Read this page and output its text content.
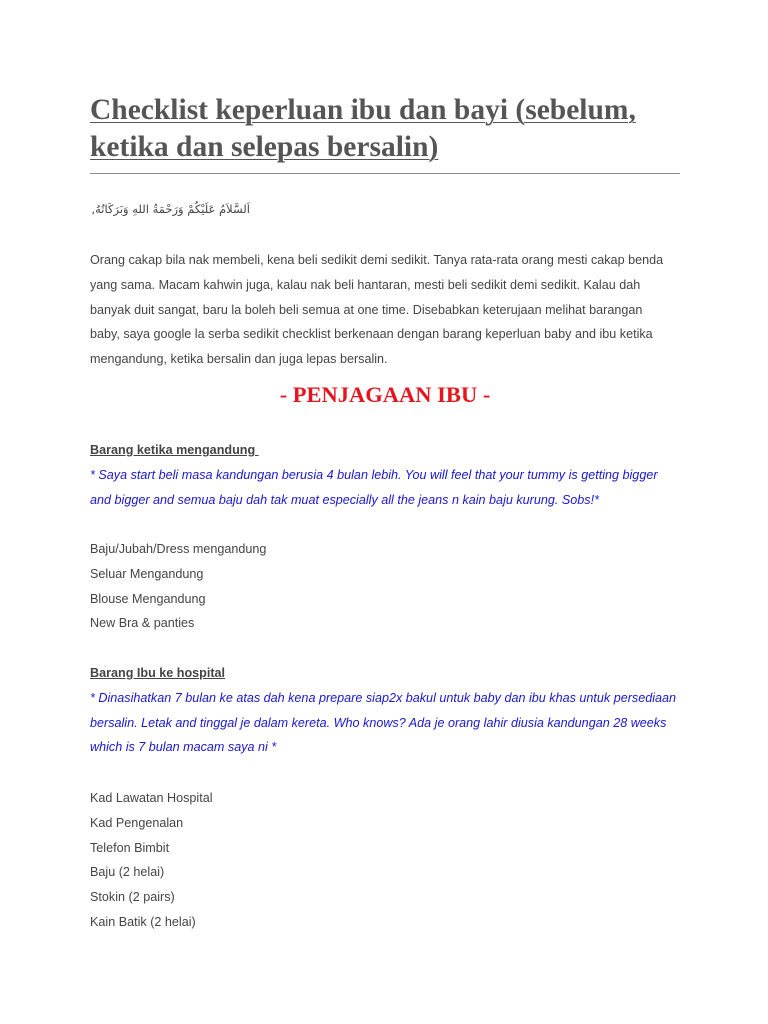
Checklist keperluan ibu dan bayi (sebelum, ketika dan selepas bersalin)
اَلسَّلاَمُ عَلَيْكُمْ وَرَحْمَةُ اللهِ وَبَرَكَاتُهُ,

Orang cakap bila nak membeli, kena beli sedikit demi sedikit. Tanya rata-rata orang mesti cakap benda yang sama. Macam kahwin juga, kalau nak beli hantaran, mesti beli sedikit demi sedikit. Kalau dah banyak duit sangat, baru la boleh beli semua at one time. Disebabkan keterujaan melihat barangan baby, saya google la serba sedikit checklist berkenaan dengan barang keperluan baby and ibu ketika mengandung, ketika bersalin dan juga lepas bersalin.

- PENJAGAAN IBU -

Barang ketika mengandung

* Saya start beli masa kandungan berusia 4 bulan lebih. You will feel that your tummy is getting bigger and bigger and semua baju dah tak muat especially all the jeans n kain baju kurung. Sobs!*

Baju/Jubah/Dress mengandung
Seluar Mengandung
Blouse Mengandung
New Bra & panties

Barang Ibu ke hospital

* Dinasihatkan 7 bulan ke atas dah kena prepare siap2x bakul untuk baby dan ibu khas untuk persediaan bersalin. Letak and tinggal je dalam kereta. Who knows? Ada je orang lahir diusia kandungan 28 weeks which is 7 bulan macam saya ni *

Kad Lawatan Hospital
Kad Pengenalan
Telefon Bimbit
Baju (2 helai)
Stokin (2 pairs)
Kain Batik (2 helai)
